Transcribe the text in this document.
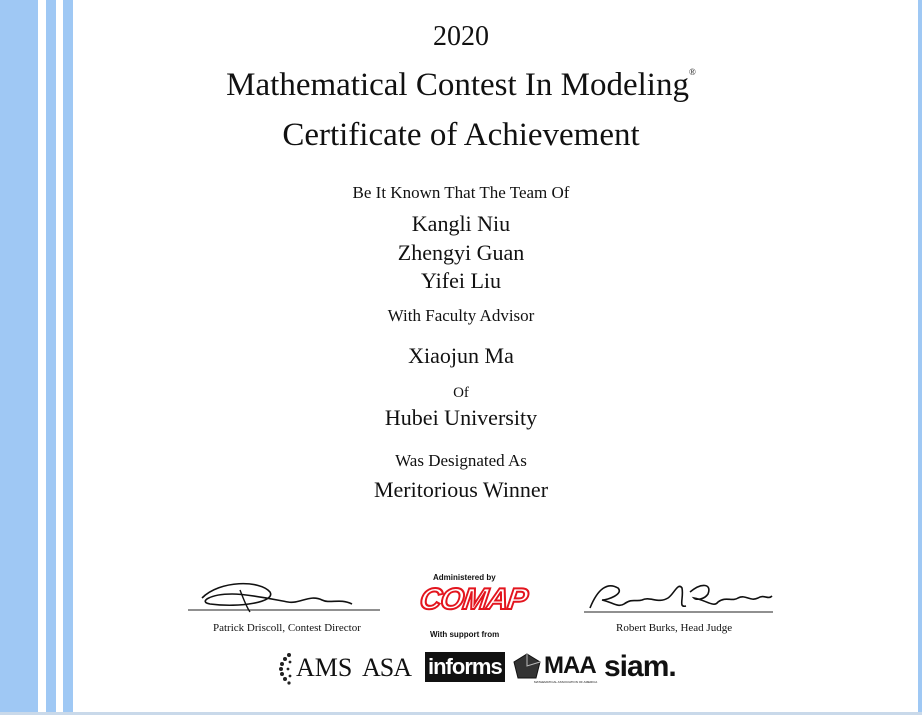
2020
Mathematical Contest In Modeling®
Certificate of Achievement
Be It Known That The Team Of
Kangli Niu
Zhengyi Guan
Yifei Liu
With Faculty Advisor
Xiaojun Ma
Of
Hubei University
Was Designated As
Meritorious Winner
Patrick Driscoll, Contest Director
Administered by
COMAP
With support from
Robert Burks, Head Judge
AMS ASA informs MAA
MATHEMATICAL ASSOCIATION OF AMERICA siam.
